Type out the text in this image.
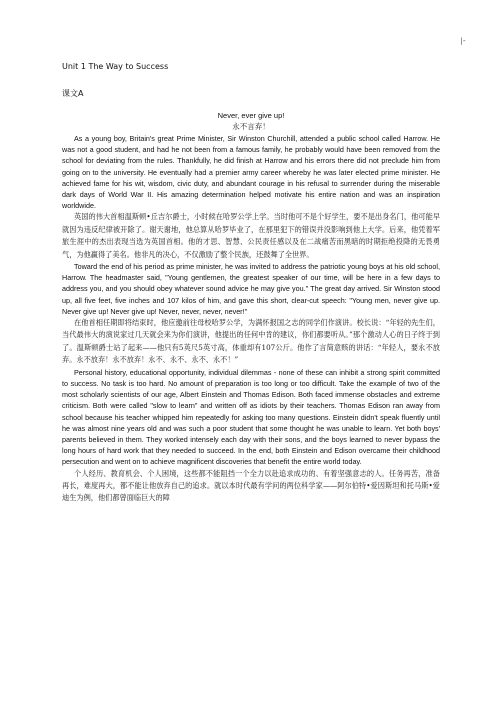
|-
Unit 1 The Way to Success
课文A
Never, ever give up!
永不言弃！

As a young boy, Britain's great Prime Minister, Sir Winston Churchill, attended a public school called Harrow. He was not a good student, and had he not been from a famous family, he probably would have been removed from the school for deviating from the rules. Thankfully, he did finish at Harrow and his errors there did not preclude him from going on to the university. He eventually had a premier army career whereby he was later elected prime minister. He achieved fame for his wit, wisdom, civic duty, and abundant courage in his refusal to surrender during the miserable dark days of World War II. His amazing determination helped motivate his entire nation and was an inspiration worldwide.

英国的伟大首相温斯顿•丘吉尔爵士，小时候在哈罗公学上学。当时他可不是个好学生，要不是出身名门，他可能早就因为违反纪律被开除了。谢天谢地，他总算从哈罗毕业了，在那里犯下的错误并没影响到他上大学。后来，他凭着军旅生涯中的杰出表现当选为英国首相。他的才思、智慧、公民责任感以及在二战痛苦而黑暗的时期拒绝投降的无畏勇气，为他赢得了美名。他非凡的决心，不仅激励了整个民族，还鼓舞了全世界。

Toward the end of his period as prime minister, he was invited to address the patriotic young boys at his old school, Harrow. The headmaster said, "Young gentlemen, the greatest speaker of our time, will be here in a few days to address you, and you should obey whatever sound advice he may give you." The great day arrived. Sir Winston stood up, all five feet, five inches and 107 kilos of him, and gave this short, clear-cut speech: "Young men, never give up. Never give up! Never give up! Never, never, never, never!"

在他首相任期即将结束时，他应邀前往母校哈罗公学，为满怀报国之志的同学们作演讲。校长说：“年轻的先生们，当代最伟大的演说家过几天就会来为你们演讲，他提出的任何中肯的建议，你们都要听从。”那个激动人心的日子终于到了。温斯顿爵士站了起来——他只有5英尺5英寸高，体重却有107公斤。他作了言简意赅的讲话：“年轻人，要永不放弃。永不放弃！永不放弃！永不、永不、永不、永不！”

Personal history, educational opportunity, individual dilemmas - none of these can inhibit a strong spirit committed to success. No task is too hard. No amount of preparation is too long or too difficult. Take the example of two of the most scholarly scientists of our age, Albert Einstein and Thomas Edison. Both faced immense obstacles and extreme criticism. Both were called "slow to learn" and written off as idiots by their teachers. Thomas Edison ran away from school because his teacher whipped him repeatedly for asking too many questions. Einstein didn't speak fluently until he was almost nine years old and was such a poor student that some thought he was unable to learn. Yet both boys' parents believed in them. They worked intensely each day with their sons, and the boys learned to never bypass the long hours of hard work that they needed to succeed. In the end, both Einstein and Edison overcame their childhood persecution and went on to achieve magnificent discoveries that benefit the entire world today.

个人经历、教育机会、个人困境，这些都不能阻挡一个全力以赴追求成功的、有着坚强意志的人。任务再苦，准备再长，难度再大，都不能让他放弃自己的追求。就以本时代最有学问的两位科学家——阿尔伯特•爱因斯坦和托马斯•爱迪生为例，他们都曾面临巨大的障
